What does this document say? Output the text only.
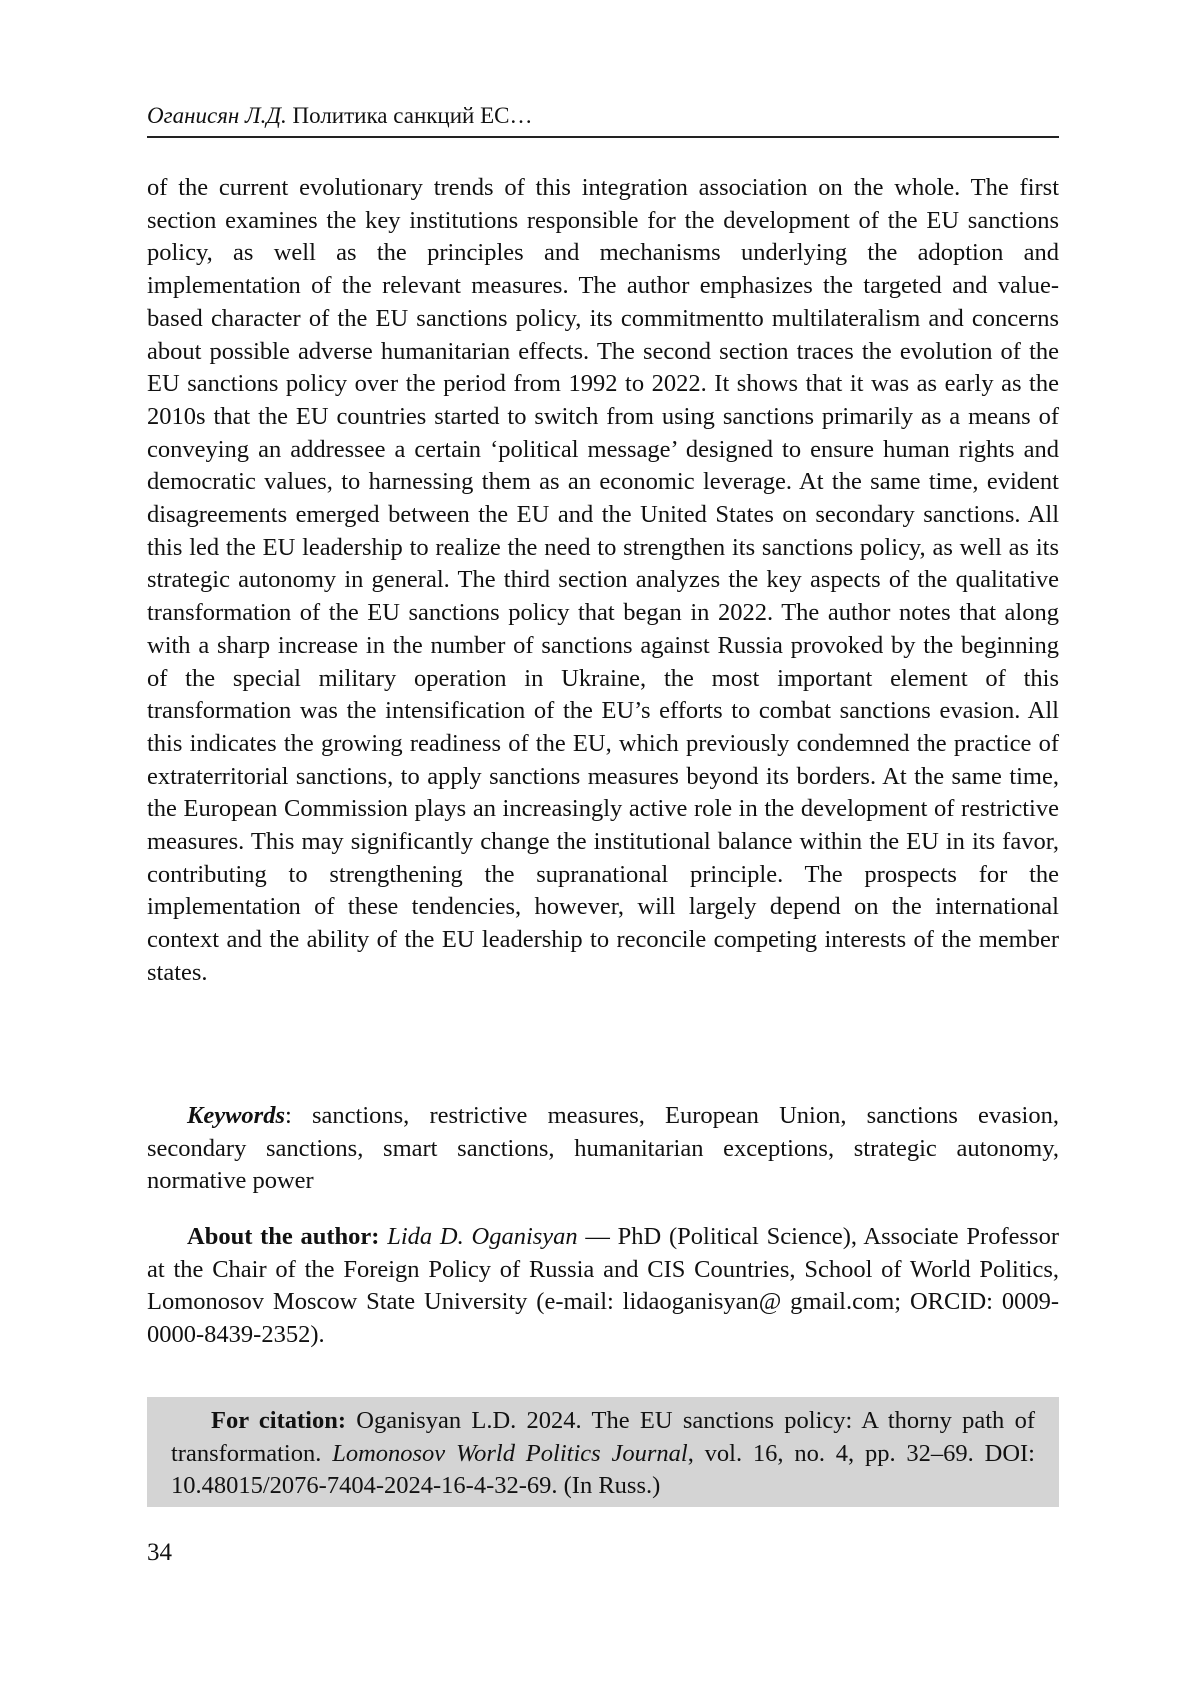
Оганисян Л.Д. Политика санкций ЕС…

of the current evolutionary trends of this integration association on the whole. The first section examines the key institutions responsible for the development of the EU sanctions policy, as well as the principles and mechanisms underlying the adoption and implementation of the relevant measures. The author emphasizes the targeted and value-based character of the EU sanctions policy, its commitmentto multilateralism and concerns about possible adverse humanitarian effects. The second section traces the evolution of the EU sanctions policy over the period from 1992 to 2022. It shows that it was as early as the 2010s that the EU countries started to switch from using sanctions primarily as a means of conveying an addressee a certain ‘political message’ designed to ensure human rights and democratic values, to harnessing them as an economic leverage. At the same time, evident disagreements emerged between the EU and the United States on secondary sanctions. All this led the EU leadership to realize the need to strengthen its sanctions policy, as well as its strategic autonomy in general. The third section analyzes the key aspects of the qualitative transformation of the EU sanctions policy that began in 2022. The author notes that along with a sharp increase in the number of sanctions against Russia provoked by the beginning of the special military operation in Ukraine, the most important element of this transformation was the intensification of the EU’s efforts to combat sanctions evasion. All this indicates the growing readiness of the EU, which previously condemned the practice of extraterritorial sanctions, to apply sanctions measures beyond its borders. At the same time, the European Commission plays an increasingly active role in the development of restrictive measures. This may significantly change the institutional balance within the EU in its favor, contributing to strengthening the supranational principle. The prospects for the implementation of these tendencies, however, will largely depend on the international context and the ability of the EU leadership to reconcile competing interests of the member states.

Keywords: sanctions, restrictive measures, European Union, sanctions evasion, secondary sanctions, smart sanctions, humanitarian exceptions, strategic autonomy, normative power

About the author: Lida D. Oganisyan — PhD (Political Science), Associate Professor at the Chair of the Foreign Policy of Russia and CIS Countries, School of World Politics, Lomonosov Moscow State University (e-mail: lidaoganisyan@ gmail.com; ORCID: 0009-0000-8439-2352).

For citation: Oganisyan L.D. 2024. The EU sanctions policy: A thorny path of transformation. Lomonosov World Politics Journal, vol. 16, no. 4, pp. 32–69. DOI: 10.48015/2076-7404-2024-16-4-32-69. (In Russ.)

34
